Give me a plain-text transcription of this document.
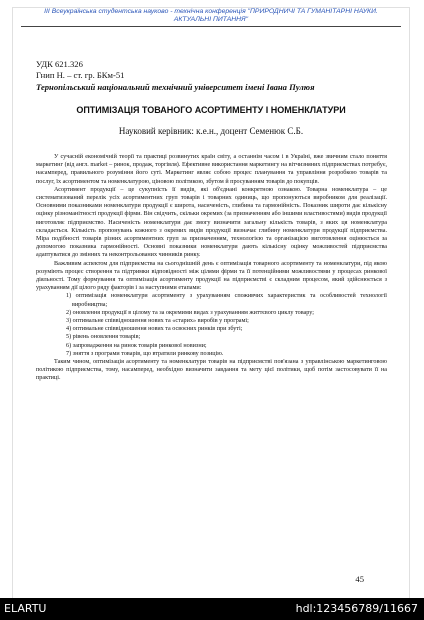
ІІІ Всеукраїнська студентська науково - технічна конференція "ПРИРОДНИЧІ ТА ГУМАНІТАРНІ НАУКИ.
АКТУАЛЬНІ ПИТАННЯ"
УДК 621.326
Гнип Н. – ст. гр. БКм-51
Тернопільський національний технічний університет імені Івана Пулюя
ОПТИМІЗАЦІЯ ТОВАНОГО АСОРТИМЕНТУ І НОМЕНКЛАТУРИ
Науковий керівник: к.е.н., доцент Семенюк С.Б.

У сучасній економічній теорії та практиці розвинутих країн світу, а останнім часом і в Україні, вже звичним стало поняття маркетинг (від англ. market – ринок, продаж, торгівля). Ефективне використання маркетингу на вітчизняних підприємствах потребує, насамперед, правильного розуміння його суті. Маркетинг являє собою процес планування та управління розробкою товарів та послуг, їх асортиментом та номенклатурою, ціновою політикою, збутом й просуванням товарів до покупців.

Асортимент продукції – це сукупність її видів, які об'єднані конкретною ознакою. Товарна номенклатура – це систематизований перелік усіх асортиментних груп товарів і товарних одиниць, що пропонуються виробником для реалізації. Основними показниками номенклатури продукції є широта, насиченість, глибина та гармонійність. Показник широти дає кількісну оцінку різноманітності продукції фірми. Він свідчить, скільки окремих (за призначенням або іншими властивостями) видів продукції виготовляє підприємство. Насиченість номенклатури дає змогу визначити загальну кількість товарів, з яких ця номенклатура складається. Кількість пропонувань кожного з окремих видів продукції визначає глибину номенклатури продукції підприємства. Міра подібності товарів різних асортиментних груп за призначенням, технологією та організацією виготовлення оцінюється за допомогою показника гармонійності. Основні показники номенклатури дають кількісну оцінку можливостей підприємства адаптуватися до змінних та неконтрольованих чинників ринку.

Важливим аспектом для підприємства на сьогоднішній день є оптимізація товарного асортименту та номенклатури, під якою розуміють процес створення та підтримки відповідності між цілями фірми та її потенційними можливостями у процесах ринкової діяльності. Тому формування та оптимізація асортименту продукції на підприємстві є складним процесом, який здійснюється з урахуванням дії цілого ряду факторів і за наступними етапами:

1) оптимізація номенклатури асортименту з урахуванням споживчих характеристик та особливостей технології виробництва;

2) оновлення продукції в цілому та за окремими видах з урахуванням життєвого циклу товару;

3) оптимальне співвідношення нових та «старих» виробів у програмі;

4) оптимальне співвідношення нових та освоєних ринків при збуті;

5) рівень оновлення товарів;

6) запровадження на ринок товарів ринкової новизни;

7) зняття з програми товарів, що втратили ринкову позицію.

Таким чином, оптимізація асортименту та номенклатури товарів на підприємстві пов'язана з управлінською маркетинговою політикою підприємства, тому, насамперед, необхідно визначити завдання та мету цієї політики, щоб потім застосовувати її на практиці.

45
ELARTU	hdl:123456789/11667
